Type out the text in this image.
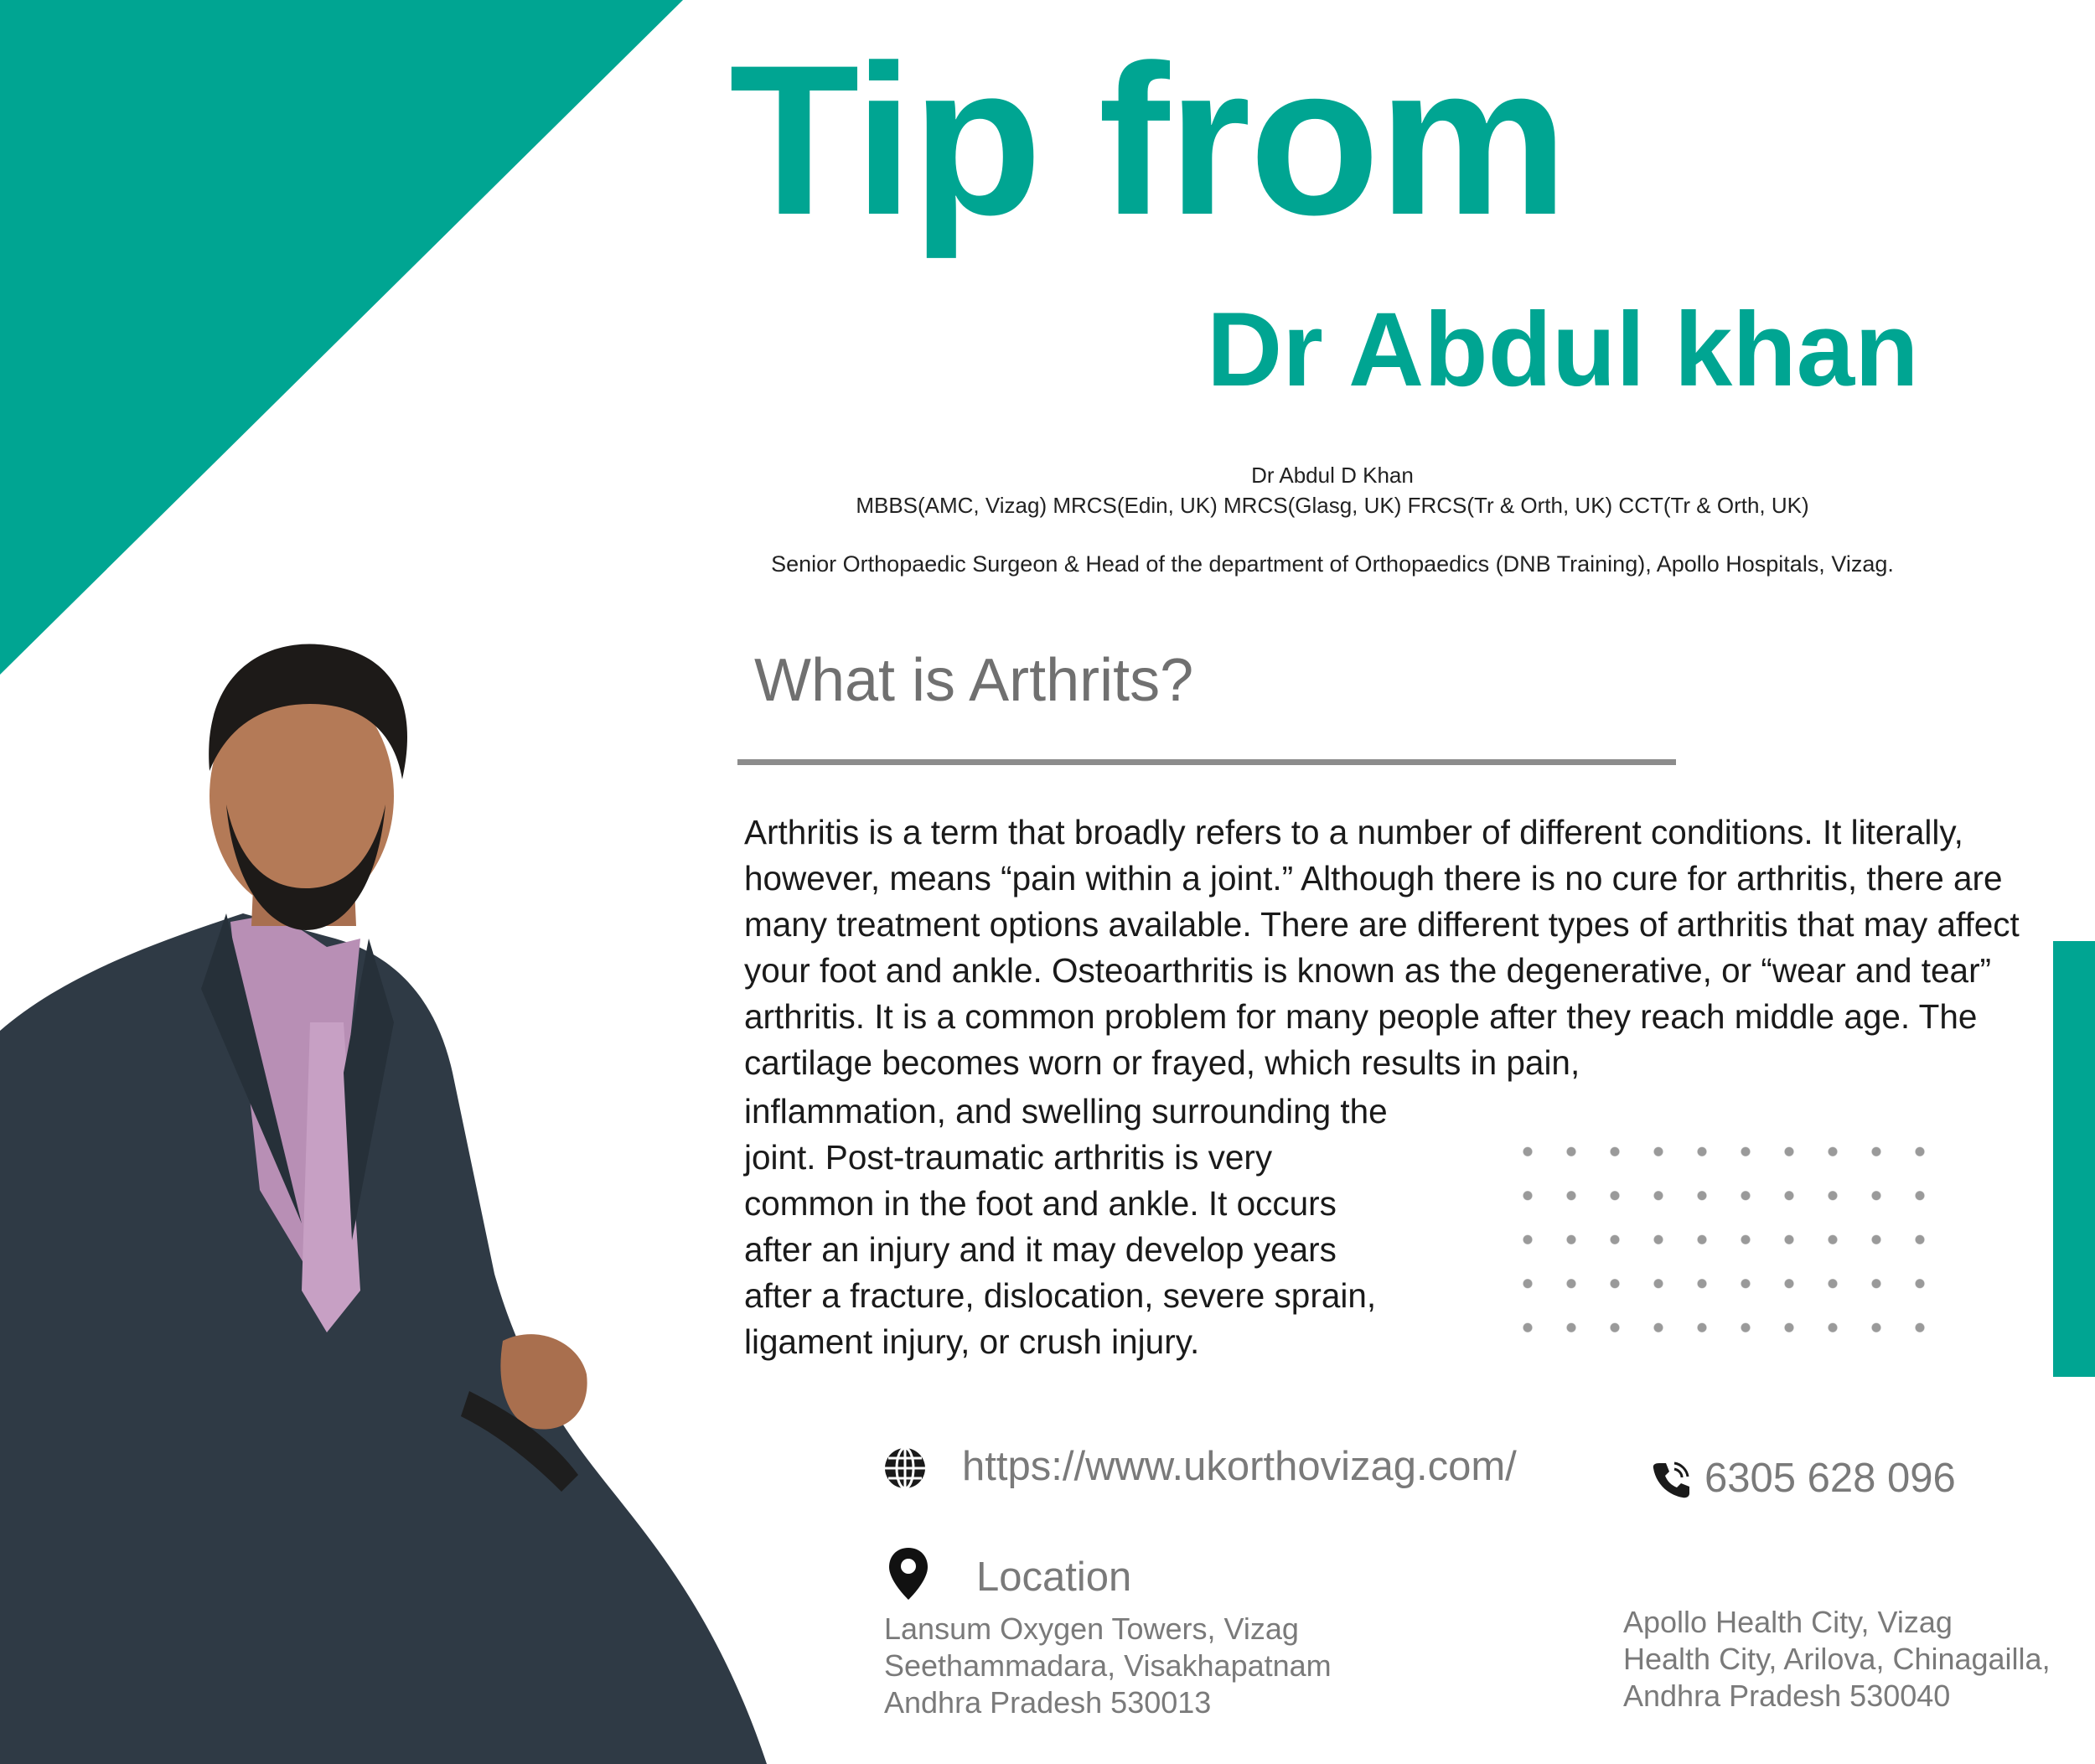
Tip from
Dr Abdul khan
Dr Abdul D Khan
MBBS(AMC, Vizag) MRCS(Edin, UK) MRCS(Glasg, UK) FRCS(Tr & Orth, UK) CCT(Tr & Orth, UK)
Senior Orthopaedic Surgeon & Head of the department of Orthopaedics (DNB Training), Apollo Hospitals, Vizag.
What is Arthrits?

Arthritis is a term that broadly refers to a number of different conditions. It literally, however, means “pain within a joint.” Although there is no cure for arthritis, there are many treatment options available. There are different types of arthritis that may affect your foot and ankle. Osteoarthritis is known as the degenerative, or “wear and tear” arthritis. It is a common problem for many people after they reach middle age. The cartilage becomes worn or frayed, which results in pain,

inflammation, and swelling surrounding the joint. Post-traumatic arthritis is very common in the foot and ankle. It occurs after an injury and it may develop years after a fracture, dislocation, severe sprain, ligament injury, or crush injury.

https://www.ukorthovizag.com/	6305 628 096
Location
Lansum Oxygen Towers, Vizag
Seethammadara, Visakhapatnam
Andhra Pradesh 530013
Apollo Health City, Vizag
Health City, Arilova, Chinagailla,
Andhra Pradesh 530040
